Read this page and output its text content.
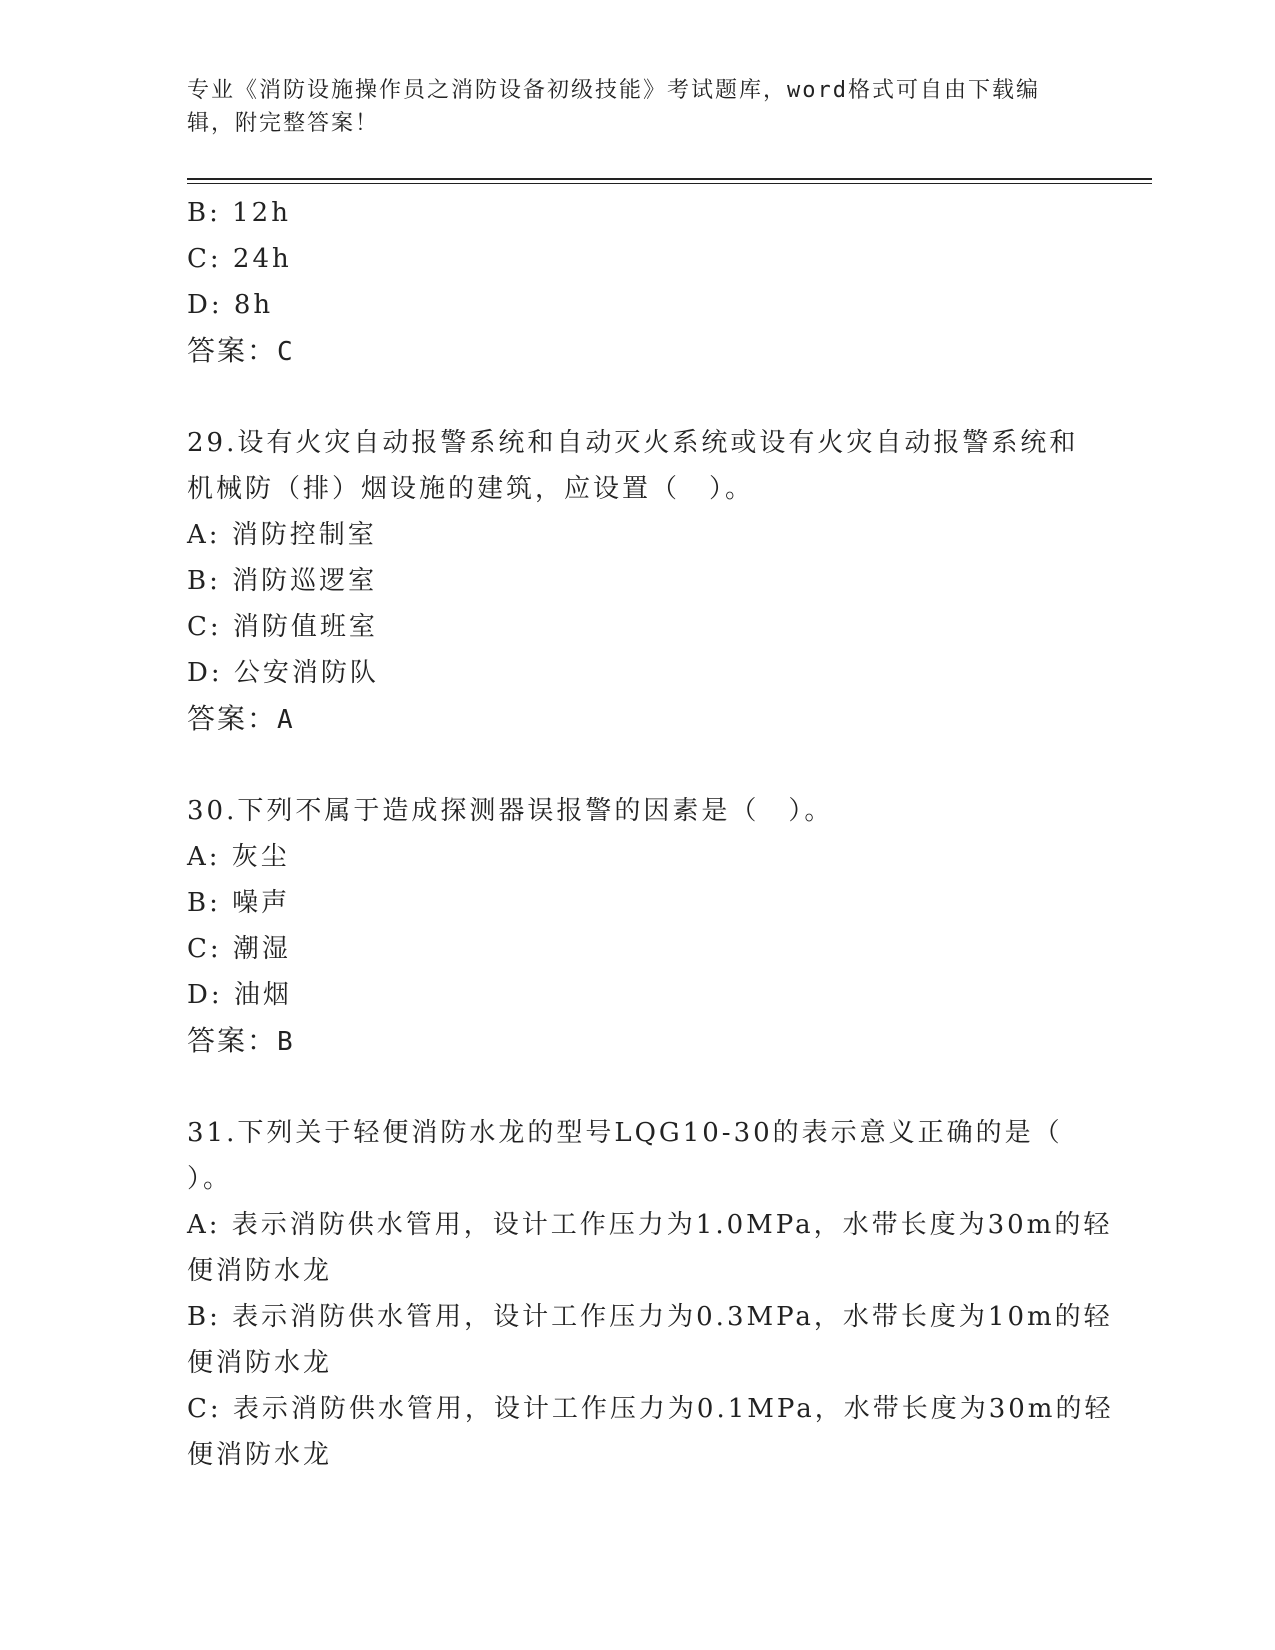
专业《消防设施操作员之消防设备初级技能》考试题库，word格式可自由下载编
辑，附完整答案！
B: 12h
C: 24h
D: 8h
答案：C
29.设有火灾自动报警系统和自动灭火系统或设有火灾自动报警系统和
机械防（排）烟设施的建筑，应设置（　）。
A: 消防控制室
B: 消防巡逻室
C: 消防值班室
D: 公安消防队
答案：A
30.下列不属于造成探测器误报警的因素是（　）。
A: 灰尘
B: 噪声
C: 潮湿
D: 油烟
答案：B
31.下列关于轻便消防水龙的型号LQG10-30的表示意义正确的是（
）。
A: 表示消防供水管用，设计工作压力为1.0MPa，水带长度为30m的轻
便消防水龙
B: 表示消防供水管用，设计工作压力为0.3MPa，水带长度为10m的轻
便消防水龙
C: 表示消防供水管用，设计工作压力为0.1MPa，水带长度为30m的轻
便消防水龙
